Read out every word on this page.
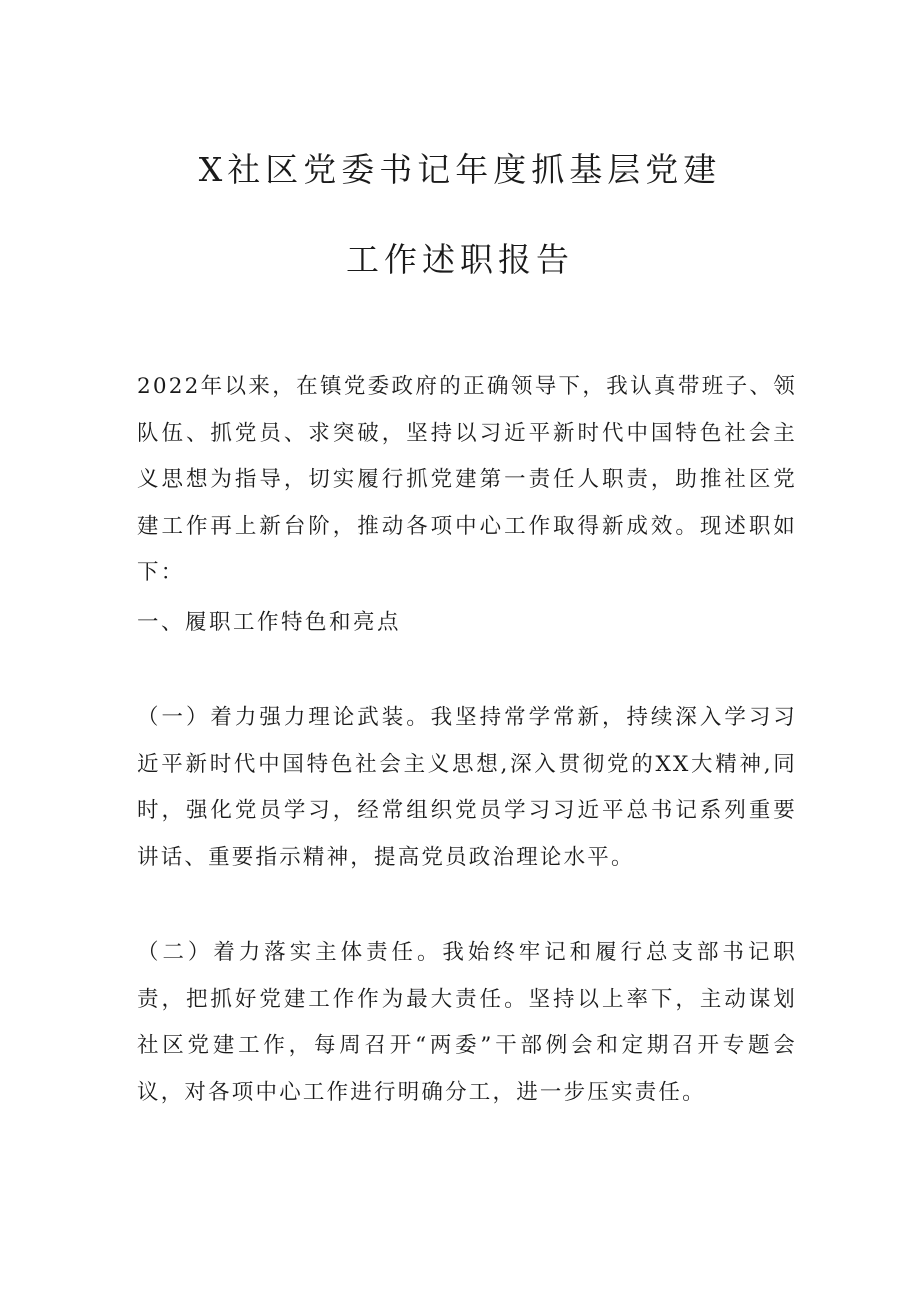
X社区党委书记年度抓基层党建
工作述职报告

2022年以来，在镇党委政府的正确领导下，我认真带班子、领队伍、抓党员、求突破，坚持以习近平新时代中国特色社会主义思想为指导，切实履行抓党建第一责任人职责，助推社区党建工作再上新台阶，推动各项中心工作取得新成效。现述职如下：

一、履职工作特色和亮点

（一）着力强力理论武装。我坚持常学常新，持续深入学习习近平新时代中国特色社会主义思想,深入贯彻党的XX大精神,同时，强化党员学习，经常组织党员学习习近平总书记系列重要讲话、重要指示精神，提高党员政治理论水平。

（二）着力落实主体责任。我始终牢记和履行总支部书记职责，把抓好党建工作作为最大责任。坚持以上率下，主动谋划社区党建工作，每周召开“两委”干部例会和定期召开专题会议，对各项中心工作进行明确分工，进一步压实责任。
